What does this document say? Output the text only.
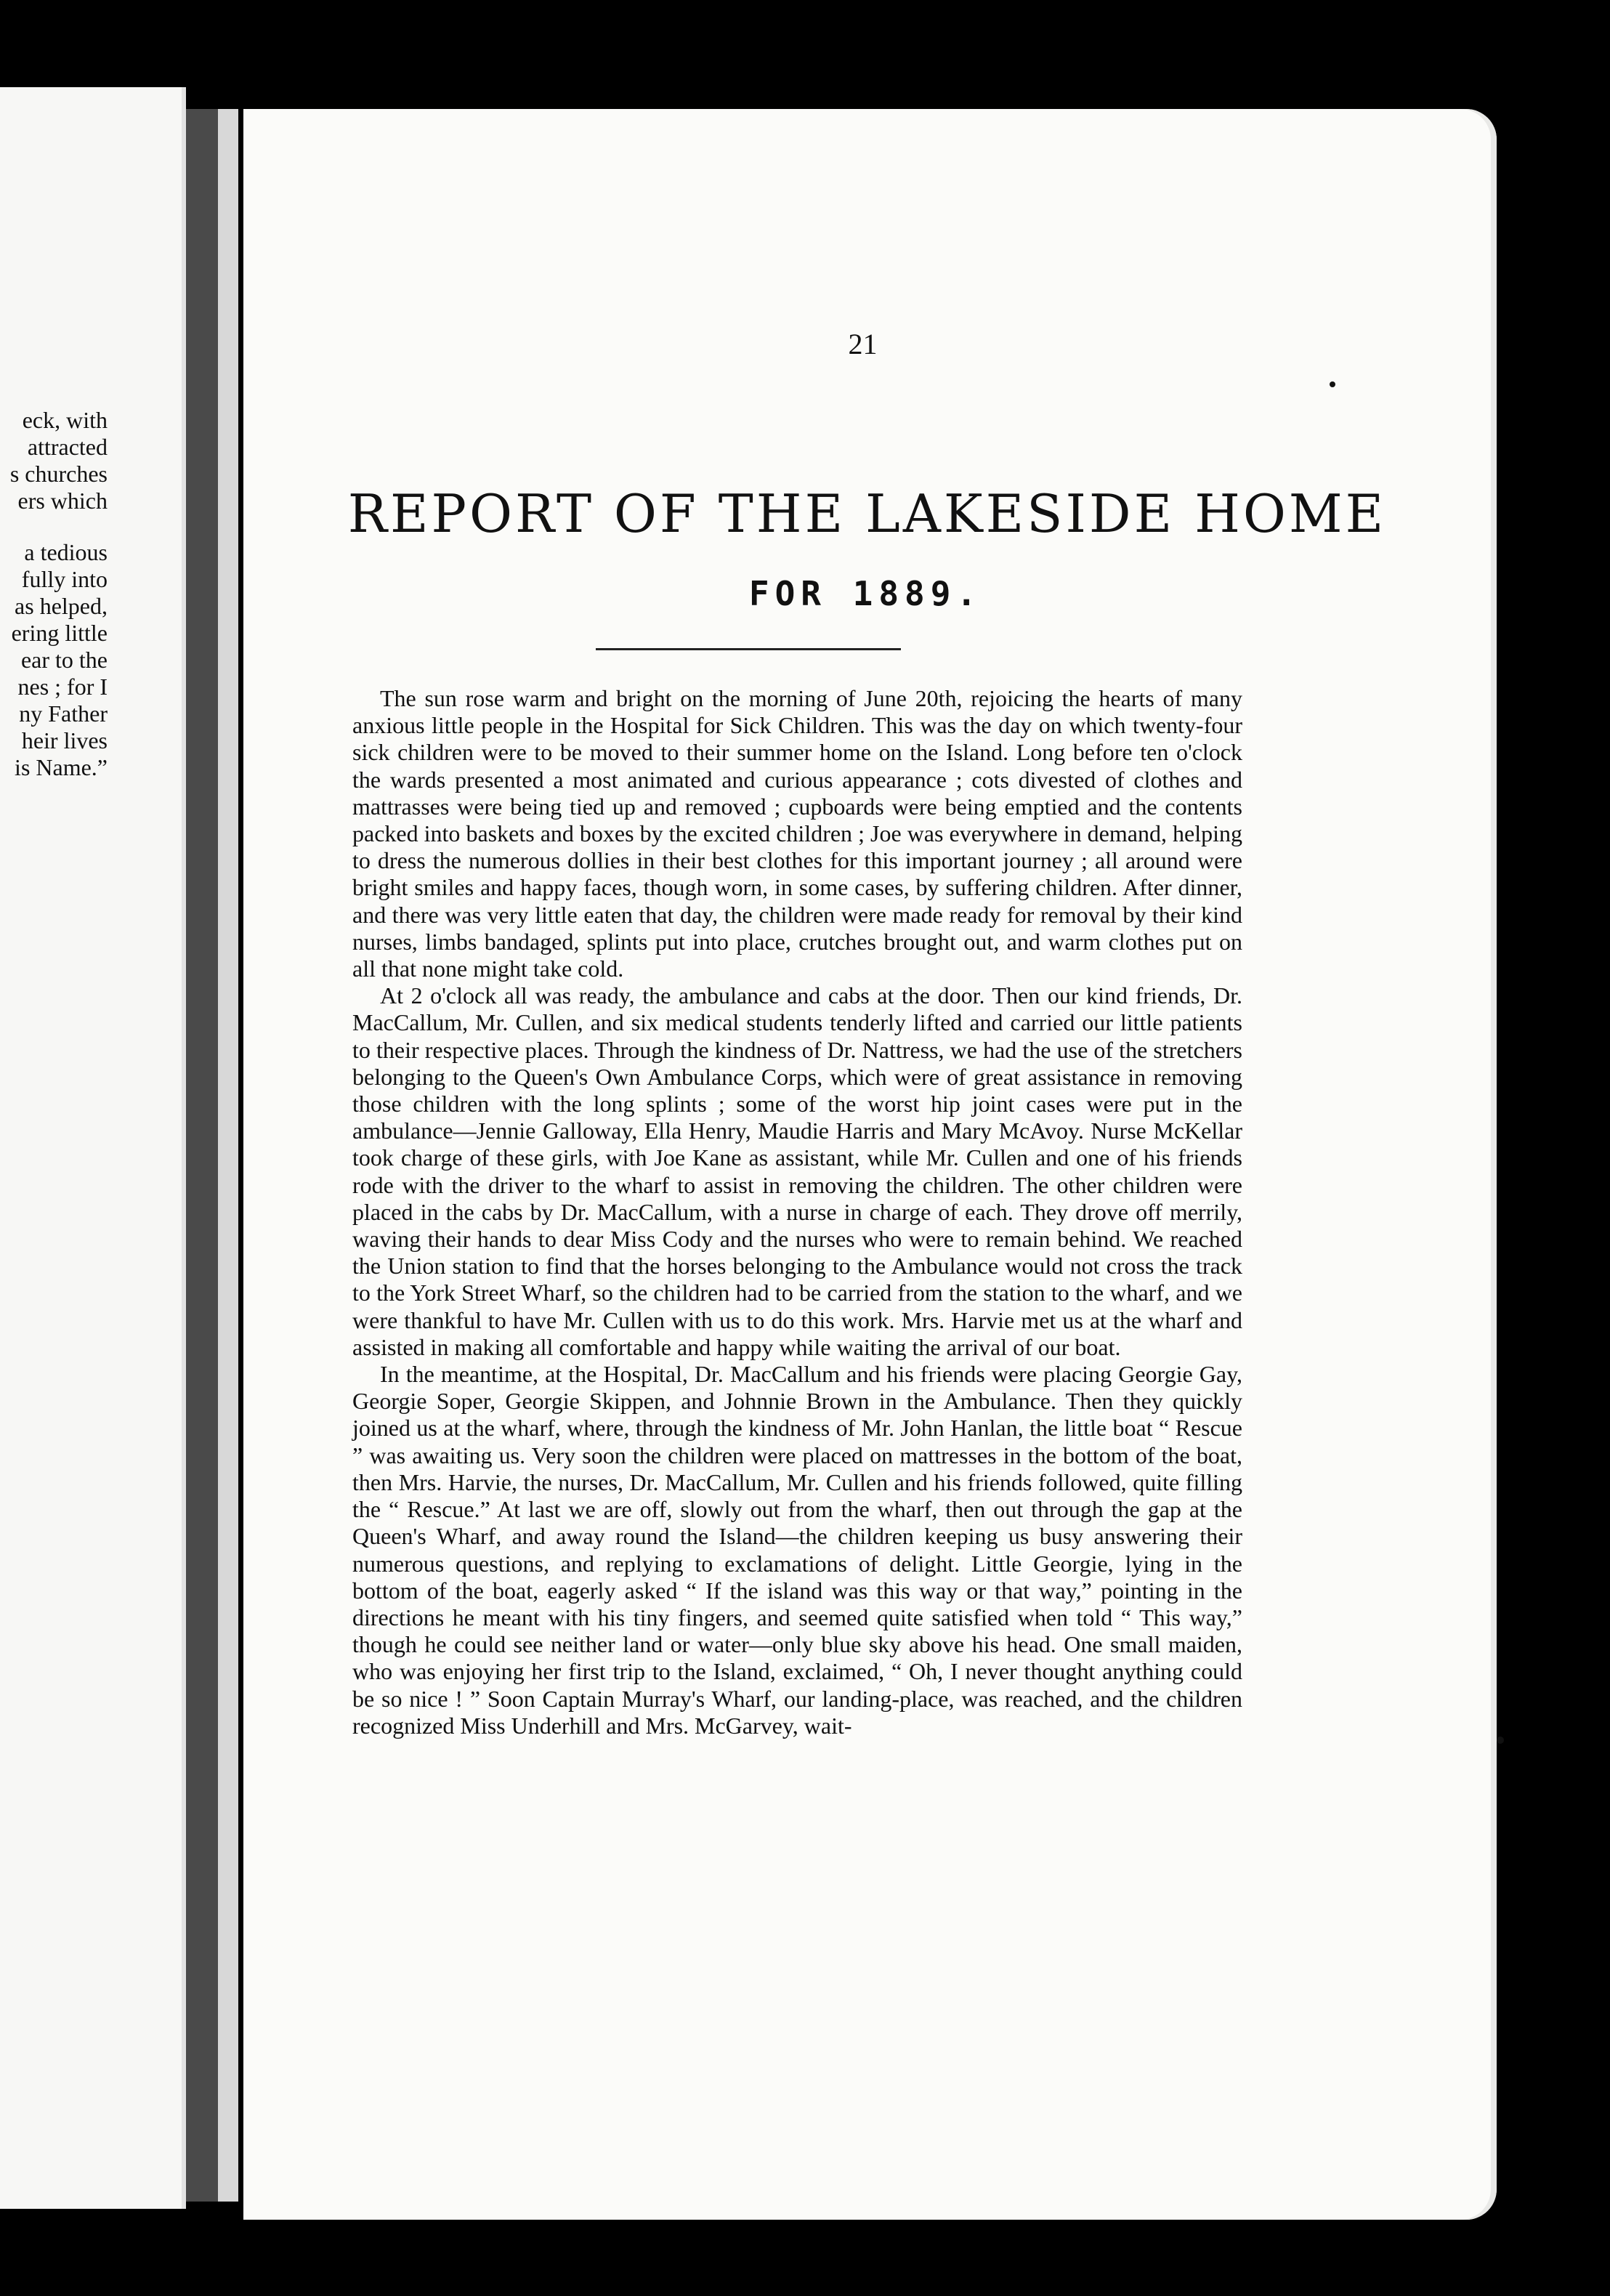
eck, with
attracted
s churches
ers which
a tedious
fully into
as helped,
ering little
ear to the
nes ; for I
ny Father
heir lives
is Name.”
21
REPORT OF THE LAKESIDE HOME
FOR 1889.

The sun rose warm and bright on the morning of June 20th, rejoicing the hearts of many anxious little people in the Hospital for Sick Children. This was the day on which twenty-four sick children were to be moved to their summer home on the Island. Long before ten o'clock the wards presented a most animated and curious appearance ; cots divested of clothes and mattrasses were being tied up and removed ; cupboards were being emptied and the contents packed into baskets and boxes by the excited children ; Joe was everywhere in demand, helping to dress the numerous dollies in their best clothes for this important journey ; all around were bright smiles and happy faces, though worn, in some cases, by suffering children. After dinner, and there was very little eaten that day, the children were made ready for removal by their kind nurses, limbs bandaged, splints put into place, crutches brought out, and warm clothes put on all that none might take cold.

At 2 o'clock all was ready, the ambulance and cabs at the door. Then our kind friends, Dr. MacCallum, Mr. Cullen, and six medical students tenderly lifted and carried our little patients to their respective places. Through the kindness of Dr. Nattress, we had the use of the stretchers belonging to the Queen's Own Ambulance Corps, which were of great assistance in removing those children with the long splints ; some of the worst hip joint cases were put in the ambulance—Jennie Galloway, Ella Henry, Maudie Harris and Mary McAvoy. Nurse McKellar took charge of these girls, with Joe Kane as assistant, while Mr. Cullen and one of his friends rode with the driver to the wharf to assist in removing the children. The other children were placed in the cabs by Dr. MacCallum, with a nurse in charge of each. They drove off merrily, waving their hands to dear Miss Cody and the nurses who were to remain behind. We reached the Union station to find that the horses belonging to the Ambulance would not cross the track to the York Street Wharf, so the children had to be carried from the station to the wharf, and we were thankful to have Mr. Cullen with us to do this work. Mrs. Harvie met us at the wharf and assisted in making all comfortable and happy while waiting the arrival of our boat.

In the meantime, at the Hospital, Dr. MacCallum and his friends were placing Georgie Gay, Georgie Soper, Georgie Skippen, and Johnnie Brown in the Ambulance. Then they quickly joined us at the wharf, where, through the kindness of Mr. John Hanlan, the little boat “ Rescue ” was awaiting us. Very soon the children were placed on mattresses in the bottom of the boat, then Mrs. Harvie, the nurses, Dr. MacCallum, Mr. Cullen and his friends followed, quite filling the “ Rescue.” At last we are off, slowly out from the wharf, then out through the gap at the Queen's Wharf, and away round the Island—the children keeping us busy answering their numerous questions, and replying to exclamations of delight. Little Georgie, lying in the bottom of the boat, eagerly asked “ If the island was this way or that way,” pointing in the directions he meant with his tiny fingers, and seemed quite satisfied when told “ This way,” though he could see neither land or water—only blue sky above his head. One small maiden, who was enjoying her first trip to the Island, exclaimed, “ Oh, I never thought anything could be so nice ! ” Soon Captain Murray's Wharf, our landing-place, was reached, and the children recognized Miss Underhill and Mrs. McGarvey, wait-
